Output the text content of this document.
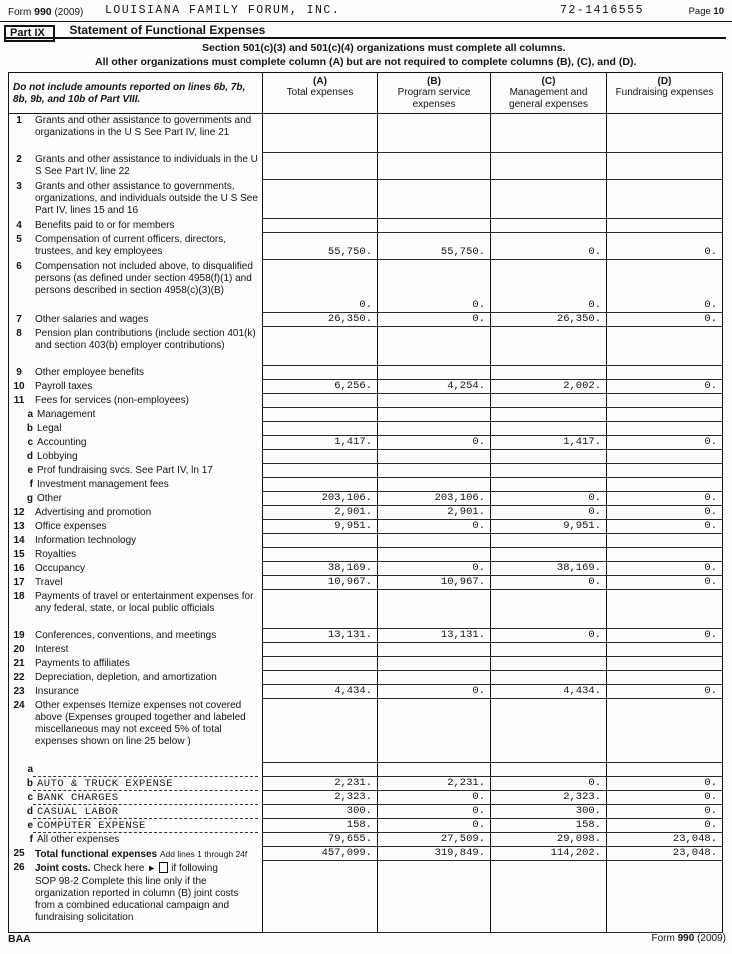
Form 990 (2009) LOUISIANA FAMILY FORUM, INC.	72-1416555	Page 10
Part IX Statement of Functional Expenses
Section 501(c)(3) and 501(c)(4) organizations must complete all columns.
All other organizations must complete column (A) but are not required to complete columns (B), (C), and (D).
Do not include amounts reported on lines 6b, 7b, 8b, 9b, and 10b of Part VIII.

(A)
Total expenses

(B)
Program service expenses

(C)
Management and general expenses

(D)
Fundraising expenses

1 Grants and other assistance to governments and organizations in the U S See Part IV, line 21				

2 Grants and other assistance to individuals in the U S See Part IV, line 22				

3 Grants and other assistance to governments, organizations, and individuals outside the U S See Part IV, lines 15 and 16				

4 Benefits paid to or for members				

5 Compensation of current officers, directors, trustees, and key employees	55,750.	55,750.	0.	0.

6 Compensation not included above, to disqualified persons (as defined under section 4958(f)(1) and persons described in section 4958(c)(3)(B)	0.	0.	0.	0.

7 Other salaries and wages	26,350.	0.	26,350.	0.

8 Pension plan contributions (include section 401(k) and section 403(b) employer contributions)				

9 Other employee benefits				

10 Payroll taxes	6,256.	4,254.	2,002.	0.

11 Fees for services (non-employees)				

a Management				

b Legal				

c Accounting	1,417.	0.	1,417.	0.

d Lobbying				

e Prof fundraising svcs. See Part IV, ln 17				

f Investment management fees				

g Other	203,106.	203,106.	0.	0.

12 Advertising and promotion	2,901.	2,901.	0.	0.

13 Office expenses	9,951.	0.	9,951.	0.

14 Information technology				

15 Royalties				

16 Occupancy	38,169.	0.	38,169.	0.

17 Travel	10,967.	10,967.	0.	0.

18 Payments of travel or entertainment expenses for any federal, state, or local public officials				

19 Conferences, conventions, and meetings	13,131.	13,131.	0.	0.

20 Interest				

21 Payments to affiliates				

22 Depreciation, depletion, and amortization				

23 Insurance	4,434.	0.	4,434.	0.

24 Other expenses Itemize expenses not covered above (Expenses grouped together and labeled miscellaneous may not exceed 5% of total expenses shown on line 25 below )				

a				

b AUTO & TRUCK EXPENSE	2,231.	2,231.	0.	0.

c BANK CHARGES	2,323.	0.	2,323.	0.

d CASUAL LABOR	300.	0.	300.	0.

e COMPUTER EXPENSE	158.	0.	158.	0.

f All other expenses	79,655.	27,509.	29,098.	23,048.

25 Total functional expenses Add lines 1 through 24f	457,099.	319,849.	114,202.	23,048.

26 Joint costs. Check here ► if following
SOP 98-2 Complete this line only if the organization reported in column (B) joint costs from a combined educational campaign and fundraising solicitation				

BAA	Form 990 (2009)
